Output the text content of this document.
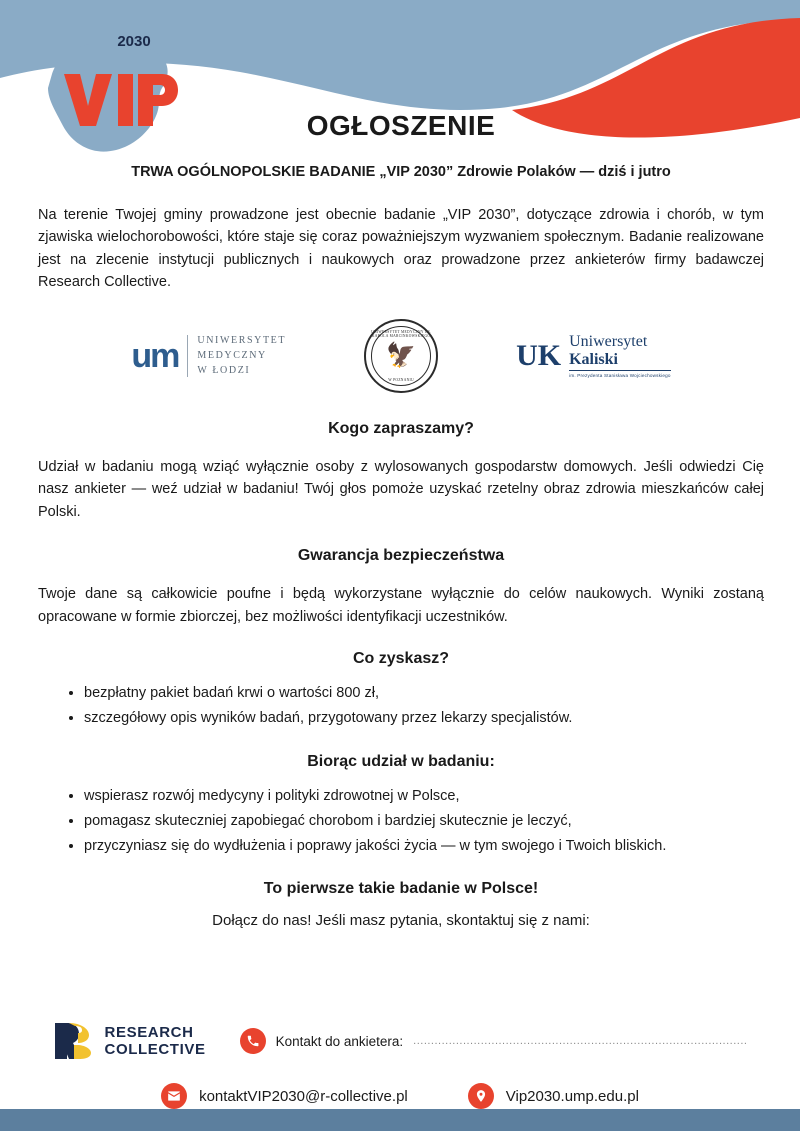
2030
OGŁOSZENIE
TRWA OGÓLNOPOLSKIE BADANIE „VIP 2030” Zdrowie Polaków — dziś i jutro

Na terenie Twojej gminy prowadzone jest obecnie badanie „VIP 2030”, dotyczące zdrowia i chorób, w tym zjawiska wielochorobowości, które staje się coraz poważniejszym wyzwaniem społecznym. Badanie realizowane jest na zlecenie instytucji publicznych i naukowych oraz prowadzone przez ankieterów firmy badawczej Research Collective.

um UNIWERSYTET
MEDYCZNY
W ŁODZI
UNIWERSYTET MEDYCZNY IM. KAROLA MARCINKOWSKIEGO
🦅
W POZNANIU
UK Uniwersytet
Kaliski
im. Prezydenta Stanisława Wojciechowskiego
Kogo zapraszamy?

Udział w badaniu mogą wziąć wyłącznie osoby z wylosowanych gospodarstw domowych. Jeśli odwiedzi Cię nasz ankieter — weź udział w badaniu! Twój głos pomoże uzyskać rzetelny obraz zdrowia mieszkańców całej Polski.

Gwarancja bezpieczeństwa

Twoje dane są całkowicie poufne i będą wykorzystane wyłącznie do celów naukowych. Wyniki zostaną opracowane w formie zbiorczej, bez możliwości identyfikacji uczestników.

Co zyskasz?
• bezpłatny pakiet badań krwi o wartości 800 zł,
• szczegółowy opis wyników badań, przygotowany przez lekarzy specjalistów.
Biorąc udział w badaniu:
• wspierasz rozwój medycyny i polityki zdrowotnej w Polsce,
• pomagasz skuteczniej zapobiegać chorobom i bardziej skutecznie je leczyć,
• przyczyniasz się do wydłużenia i poprawy jakości życia — w tym swojego i Twoich bliskich.
To pierwsze takie badanie w Polsce!

Dołącz do nas! Jeśli masz pytania, skontaktuj się z nami:

RESEARCH
COLLECTIVE	Kontakt do ankietera: ..............................................................................................
kontaktVIP2030@r-collective.pl	Vip2030.ump.edu.pl
